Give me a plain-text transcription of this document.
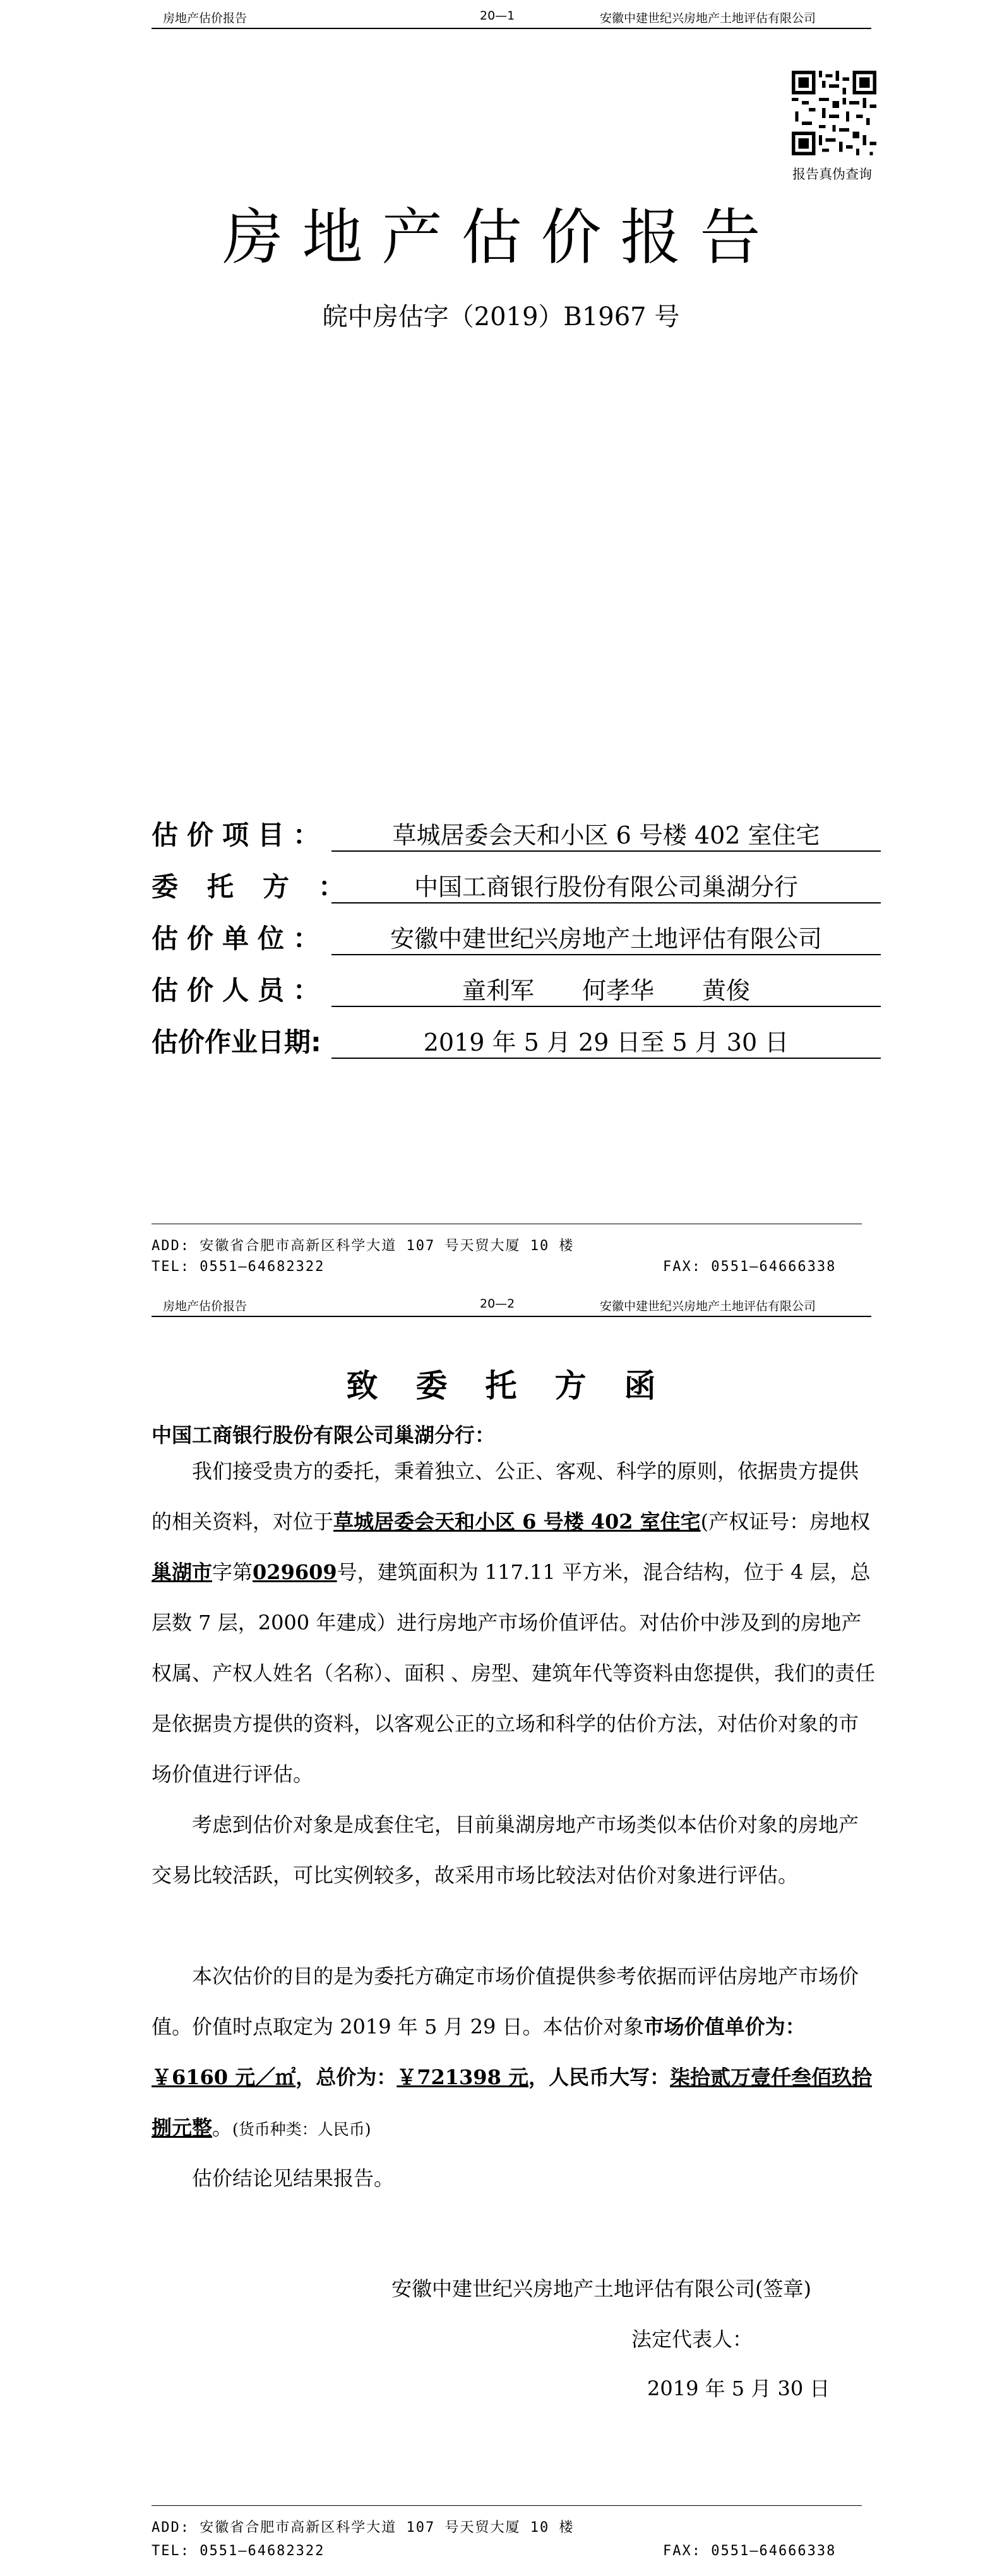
房地产估价报告	20—1	安徽中建世纪兴房地产土地评估有限公司
报告真伪查询
房地产估价报告
皖中房估字（2019）B1967 号
估价项目：	草城居委会天和小区 6 号楼 402 室住宅
委托方：	中国工商银行股份有限公司巢湖分行
估价单位：	安徽中建世纪兴房地产土地评估有限公司
估价人员：	童利军　　何孝华　　黄俊
估价作业日期:	2019 年 5 月 29 日至 5 月 30 日
ADD: 安徽省合肥市高新区科学大道 107 号天贸大厦 10 楼
TEL: 0551—64682322	FAX: 0551—64666338
房地产估价报告	20—2	安徽中建世纪兴房地产土地评估有限公司
致委托方函
中国工商银行股份有限公司巢湖分行：
我们接受贵方的委托，秉着独立、公正、客观、科学的原则，依据贵方提供的相关资料，对位于草城居委会天和小区 6 号楼 402 室住宅(产权证号：房地权巢湖市字第029609号，建筑面积为 117.11 平方米，混合结构，位于 4 层，总层数 7 层，2000 年建成）进行房地产市场价值评估。对估价中涉及到的房地产权属、产权人姓名（名称）、面积 、房型、建筑年代等资料由您提供，我们的责任是依据贵方提供的资料，以客观公正的立场和科学的估价方法，对估价对象的市场价值进行评估。
考虑到估价对象是成套住宅，目前巢湖房地产市场类似本估价对象的房地产交易比较活跃，可比实例较多，故采用市场比较法对估价对象进行评估。
本次估价的目的是为委托方确定市场价值提供参考依据而评估房地产市场价值。价值时点取定为 2019 年 5 月 29 日。本估价对象市场价值单价为：￥6160 元／㎡，总价为：￥721398 元，人民币大写：柒拾贰万壹仟叁佰玖拾捌元整。(货币种类：人民币)
估价结论见结果报告。
安徽中建世纪兴房地产土地评估有限公司(签章)
法定代表人：
2019 年 5 月 30 日
ADD: 安徽省合肥市高新区科学大道 107 号天贸大厦 10 楼
TEL: 0551—64682322	FAX: 0551—64666338
